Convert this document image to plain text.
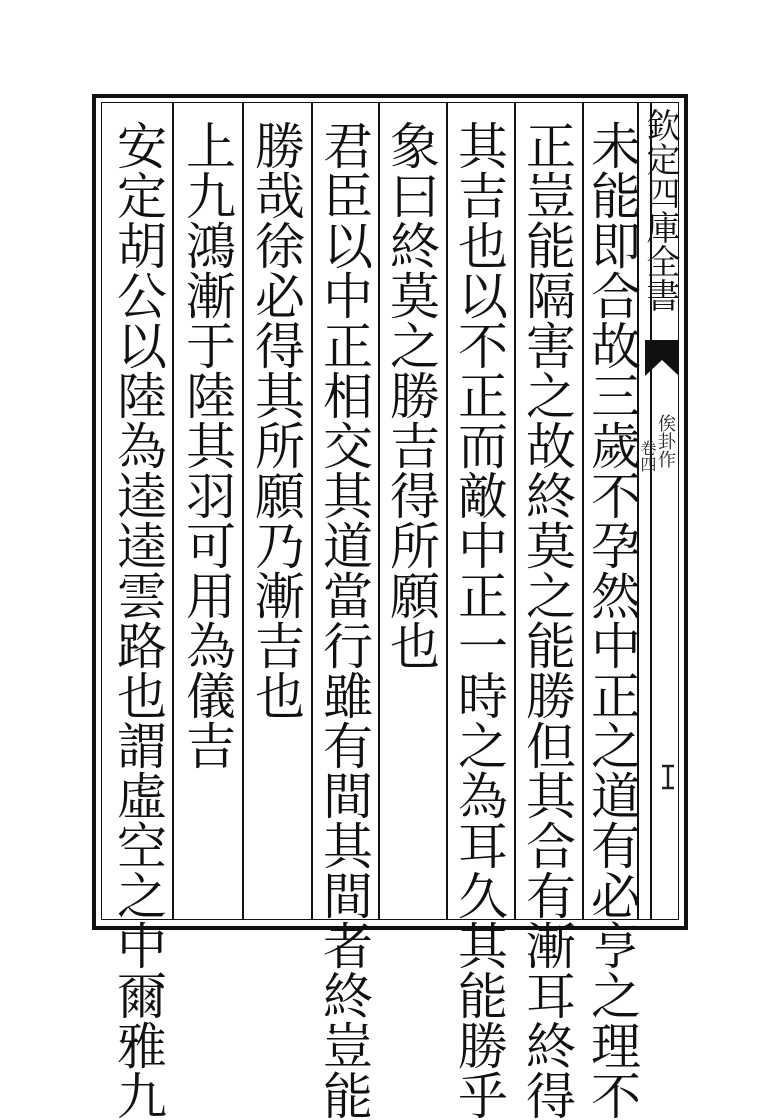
欽定四庫全書
俟卦作
卷四
未能即合故三歲不孕然中正之道有必亨之理不
正豈能隔害之故終莫之能勝但其合有漸耳終得
其吉也以不正而敵中正一時之為耳久其能勝乎
象曰終莫之勝吉得所願也
君臣以中正相交其道當行雖有間其間者終豈能
勝哉徐必得其所願乃漸吉也
上九鴻漸于陸其羽可用為儀吉
安定胡公以陸為逵逵雲路也謂虛空之中爾雅九
